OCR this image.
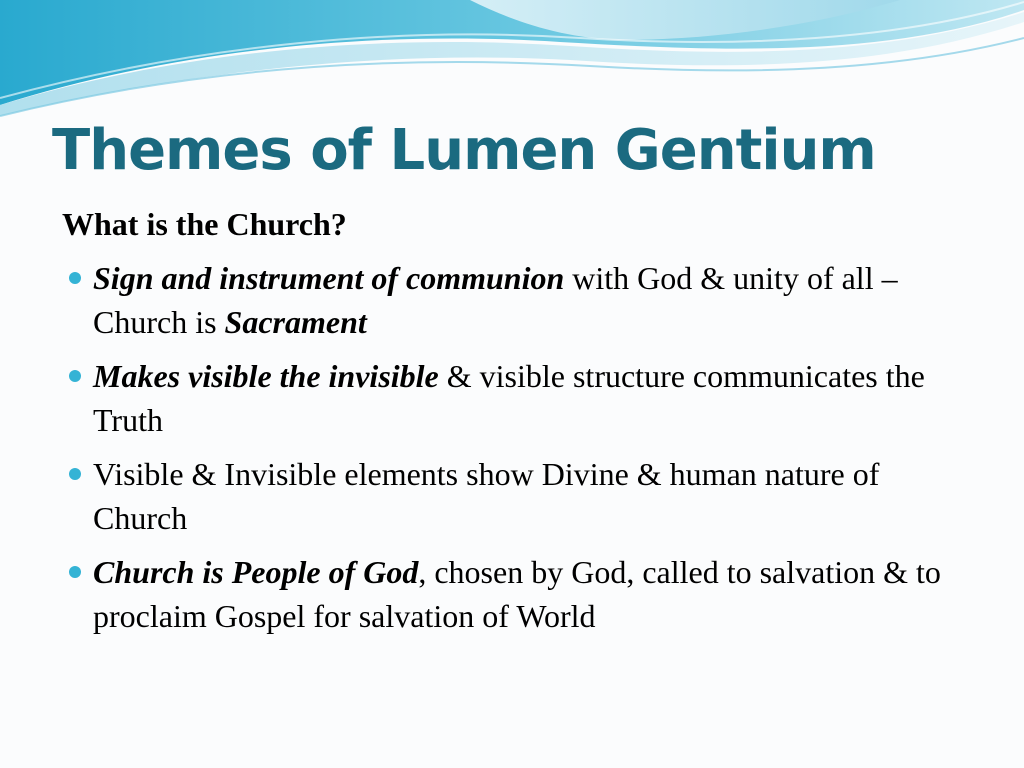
Themes of Lumen Gentium

What is the Church?

Sign and instrument of communion with God & unity of all – Church is Sacrament
Makes visible the invisible & visible structure communicates the Truth
Visible & Invisible elements show Divine & human nature of Church
Church is People of God, chosen by God, called to salvation & to proclaim Gospel for salvation of World
